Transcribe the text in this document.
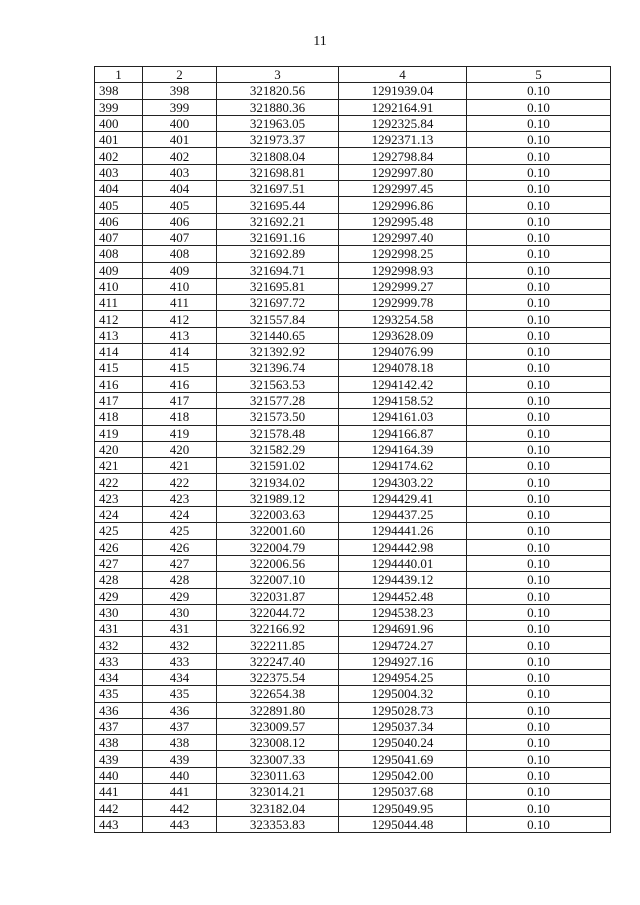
11
1	2	3	4	5
398	398	321820.56	1291939.04	0.10
399	399	321880.36	1292164.91	0.10
400	400	321963.05	1292325.84	0.10
401	401	321973.37	1292371.13	0.10
402	402	321808.04	1292798.84	0.10
403	403	321698.81	1292997.80	0.10
404	404	321697.51	1292997.45	0.10
405	405	321695.44	1292996.86	0.10
406	406	321692.21	1292995.48	0.10
407	407	321691.16	1292997.40	0.10
408	408	321692.89	1292998.25	0.10
409	409	321694.71	1292998.93	0.10
410	410	321695.81	1292999.27	0.10
411	411	321697.72	1292999.78	0.10
412	412	321557.84	1293254.58	0.10
413	413	321440.65	1293628.09	0.10
414	414	321392.92	1294076.99	0.10
415	415	321396.74	1294078.18	0.10
416	416	321563.53	1294142.42	0.10
417	417	321577.28	1294158.52	0.10
418	418	321573.50	1294161.03	0.10
419	419	321578.48	1294166.87	0.10
420	420	321582.29	1294164.39	0.10
421	421	321591.02	1294174.62	0.10
422	422	321934.02	1294303.22	0.10
423	423	321989.12	1294429.41	0.10
424	424	322003.63	1294437.25	0.10
425	425	322001.60	1294441.26	0.10
426	426	322004.79	1294442.98	0.10
427	427	322006.56	1294440.01	0.10
428	428	322007.10	1294439.12	0.10
429	429	322031.87	1294452.48	0.10
430	430	322044.72	1294538.23	0.10
431	431	322166.92	1294691.96	0.10
432	432	322211.85	1294724.27	0.10
433	433	322247.40	1294927.16	0.10
434	434	322375.54	1294954.25	0.10
435	435	322654.38	1295004.32	0.10
436	436	322891.80	1295028.73	0.10
437	437	323009.57	1295037.34	0.10
438	438	323008.12	1295040.24	0.10
439	439	323007.33	1295041.69	0.10
440	440	323011.63	1295042.00	0.10
441	441	323014.21	1295037.68	0.10
442	442	323182.04	1295049.95	0.10
443	443	323353.83	1295044.48	0.10
